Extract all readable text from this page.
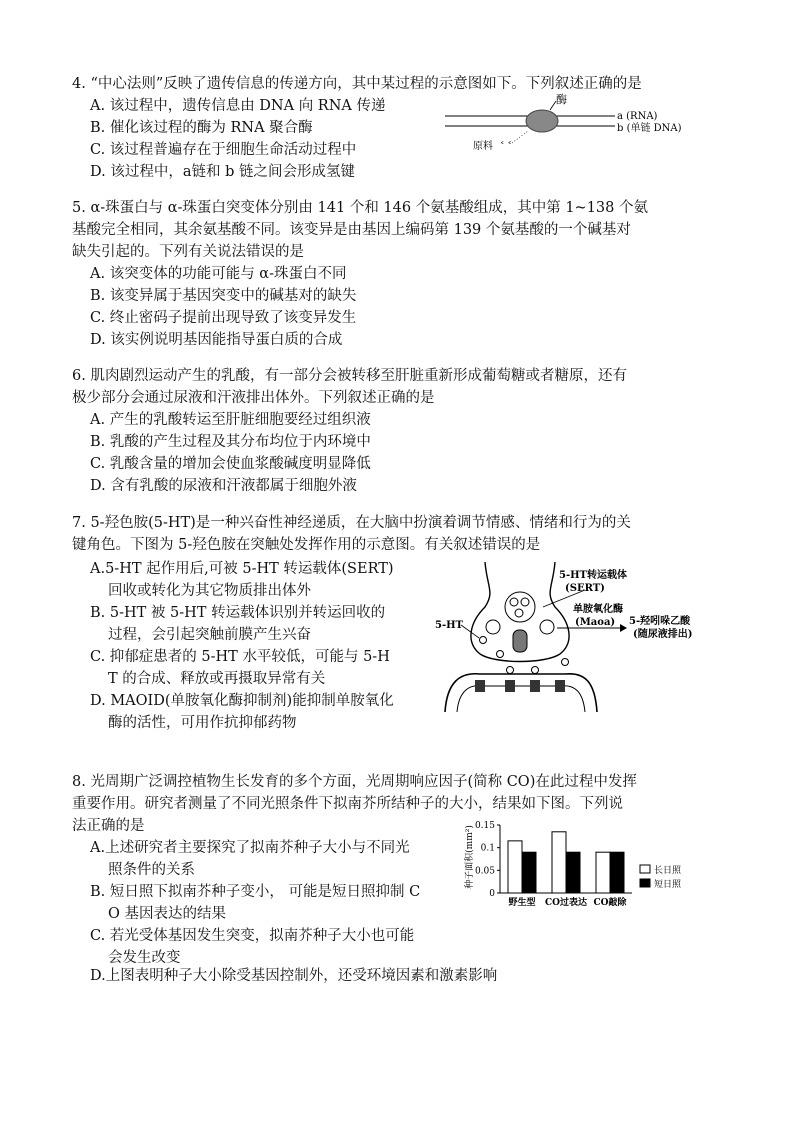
4. “中心法则”反映了遗传信息的传递方向，其中某过程的示意图如下。下列叙述正确的是

A. 该过程中，遗传信息由 DNA 向 RNA 传递

B. 催化该过程的酶为 RNA 聚合酶

C. 该过程普遍存在于细胞生命活动过程中

D. 该过程中，a链和 b 链之间会形成氢键

酶
a (RNA)
b (单链 DNA)
原料 ˂ ˂

5. α-珠蛋白与 α-珠蛋白突变体分别由 141 个和 146 个氨基酸组成，其中第 1~138 个氨

基酸完全相同，其余氨基酸不同。该变异是由基因上编码第 139 个氨基酸的一个碱基对

缺失引起的。下列有关说法错误的是

A. 该突变体的功能可能与 α-珠蛋白不同

B. 该变异属于基因突变中的碱基对的缺失

C. 终止密码子提前出现导致了该变异发生

D. 该实例说明基因能指导蛋白质的合成

6. 肌肉剧烈运动产生的乳酸，有一部分会被转移至肝脏重新形成葡萄糖或者糖原，还有

极少部分会通过尿液和汗液排出体外。下列叙述正确的是

A. 产生的乳酸转运至肝脏细胞要经过组织液

B. 乳酸的产生过程及其分布均位于内环境中

C. 乳酸含量的增加会使血浆酸碱度明显降低

D. 含有乳酸的尿液和汗液都属于细胞外液

7. 5-羟色胺(5-HT)是一种兴奋性神经递质，在大脑中扮演着调节情感、情绪和行为的关

键角色。下图为 5-羟色胺在突触处发挥作用的示意图。有关叙述错误的是

A.5-HT 起作用后,可被 5-HT 转运载体(SERT)

回收或转化为其它物质排出体外

B. 5-HT 被 5-HT 转运载体识别并转运回收的

过程，会引起突触前膜产生兴奋

C. 抑郁症患者的 5-HT 水平较低，可能与 5-H

T 的合成、释放或再摄取异常有关

D. MAOID(单胺氧化酶抑制剂)能抑制单胺氧化

酶的活性，可用作抗抑郁药物

5-HT转运载体
(SERT)
单胺氧化酶
(Maoa) 5-羟吲哚乙酸
(随尿液排出)
5-HT

8. 光周期广泛调控植物生长发育的多个方面，光周期响应因子(简称 CO)在此过程中发挥

重要作用。研究者测量了不同光照条件下拟南芥所结种子的大小，结果如下图。下列说

法正确的是

A.上述研究者主要探究了拟南芥种子大小与不同光

照条件的关系

B. 短日照下拟南芥种子变小， 可能是短日照抑制 C

O 基因表达的结果

C. 若光受体基因发生突变，拟南芥种子大小也可能

会发生改变

D.上图表明种子大小除受基因控制外，还受环境因素和激素影响

种子面积(mm²)
0
0.05
0.1
0.15
野生型 CO过表达 CO敲除
长日照
短日照
